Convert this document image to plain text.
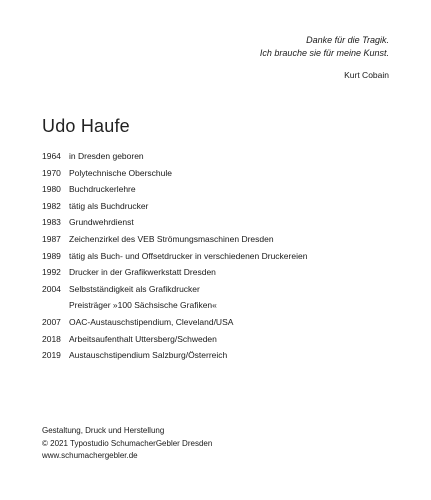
Danke für die Tragik.
Ich brauche sie für meine Kunst.
Kurt Cobain
Udo Haufe
1964 in Dresden geboren
1970 Polytechnische Oberschule
1980 Buchdruckerlehre
1982 tätig als Buchdrucker
1983 Grundwehrdienst
1987 Zeichenzirkel des VEB Strömungsmaschinen Dresden
1989 tätig als Buch- und Offsetdrucker in verschiedenen Druckereien
1992 Drucker in der Grafikwerkstatt Dresden
2004 Selbstständigkeit als Grafikdrucker
Preisträger »100 Sächsische Grafiken«
2007 OAC-Austauschstipendium, Cleveland/USA
2018 Arbeitsaufenthalt Uttersberg/Schweden
2019 Austauschstipendium Salzburg/Österreich
Gestaltung, Druck und Herstellung
© 2021 Typostudio SchumacherGebler Dresden
www.schumachergebler.de
